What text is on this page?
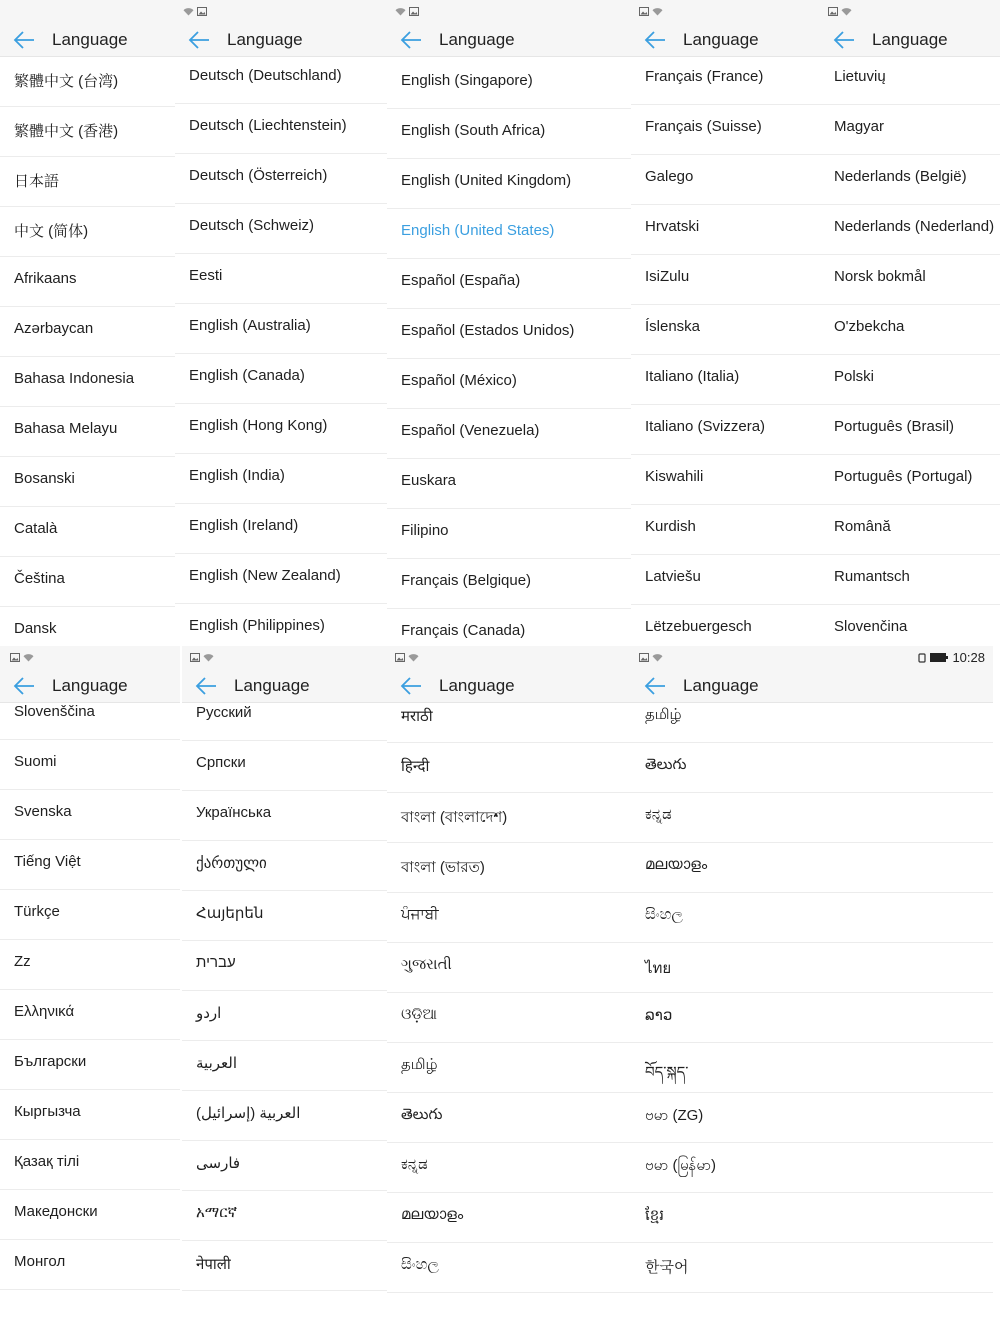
Language
繁體中文 (台湾)
繁體中文 (香港)
日本語
中文 (简体)
Afrikaans
Azərbaycan
Bahasa Indonesia
Bahasa Melayu
Bosanski
Català
Čeština
Dansk
Language
Deutsch (Deutschland)
Deutsch (Liechtenstein)
Deutsch (Österreich)
Deutsch (Schweiz)
Eesti
English (Australia)
English (Canada)
English (Hong Kong)
English (India)
English (Ireland)
English (New Zealand)
English (Philippines)
Language
English (Singapore)
English (South Africa)
English (United Kingdom)
English (United States)
Español (España)
Español (Estados Unidos)
Español (México)
Español (Venezuela)
Euskara
Filipino
Français (Belgique)
Français (Canada)
Language
Français (France)
Français (Suisse)
Galego
Hrvatski
IsiZulu
Íslenska
Italiano (Italia)
Italiano (Svizzera)
Kiswahili
Kurdish
Latviešu
Lëtzebuergesch
Language
Lietuvių
Magyar
Nederlands (België)
Nederlands (Nederland)
Norsk bokmål
O'zbekcha
Polski
Português (Brasil)
Português (Portugal)
Română
Rumantsch
Slovenčina
Language
Slovenščina
Suomi
Svenska
Tiếng Việt
Türkçe
Zz
Ελληνικά
Български
Кыргызча
Қазақ тілі
Македонски
Монгол
Language
Русский
Српски
Українська
ქართული
Հայերեն
עברית
اردو
العربية
العربية (إسرائيل)
فارسی
አማርኛ
नेपाली
Language
मराठी
हिन्दी
বাংলা (বাংলাদেশ)
বাংলা (ভারত)
ਪੰਜਾਬੀ
ગુજરાતી
ଓଡ଼ିଆ
தமிழ்
తెలుగు
ಕನ್ನಡ
മലയാളം
සිංහල
10:28
Language
தமிழ்
తెలుగు
ಕನ್ನಡ
മലയാളം
සිංහල
ไทย
ລາວ
བོད་སྐད་
ဗမာ (ZG)
ဗမာ (မြန်မာ)
ខ្មែរ
한국어
